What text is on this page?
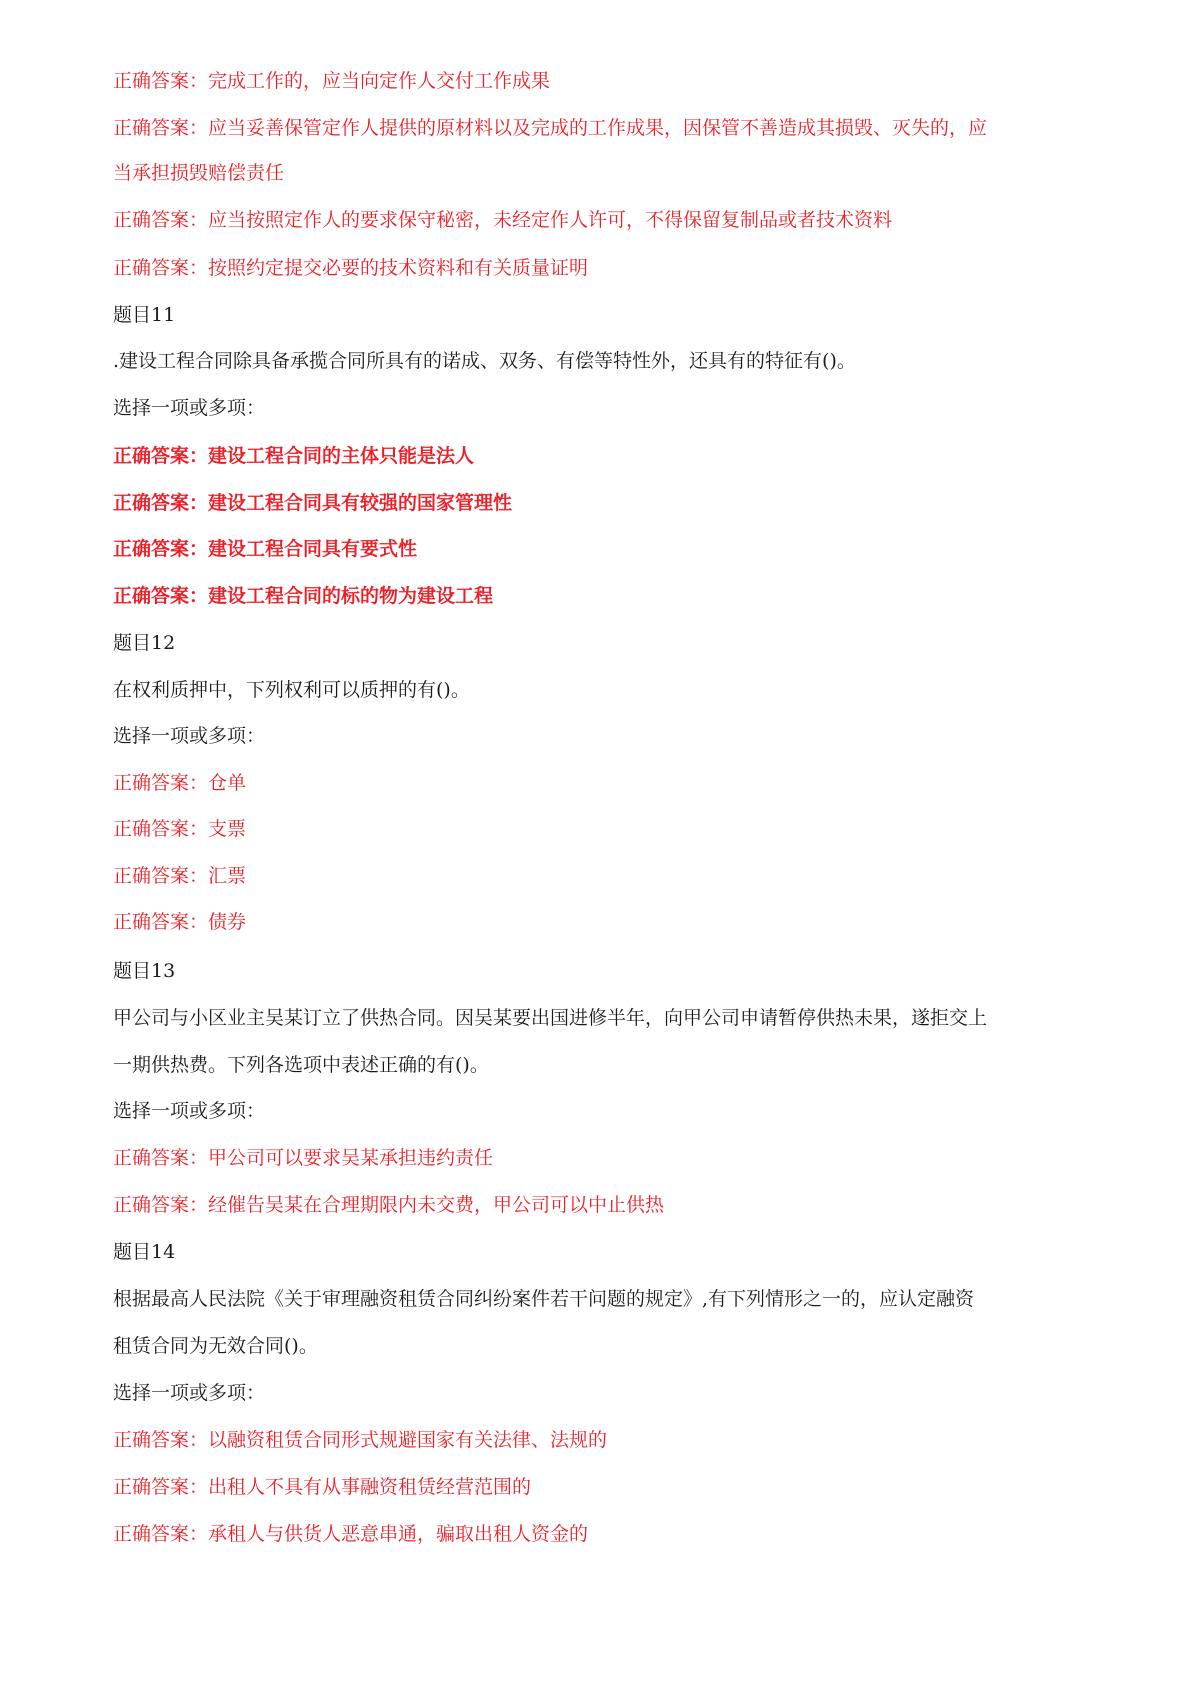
正确答案：完成工作的，应当向定作人交付工作成果
正确答案：应当妥善保管定作人提供的原材料以及完成的工作成果，因保管不善造成其损毁、灭失的，应
当承担损毁赔偿责任
正确答案：应当按照定作人的要求保守秘密，未经定作人许可，不得保留复制品或者技术资料
正确答案：按照约定提交必要的技术资料和有关质量证明
题目11
.建设工程合同除具备承揽合同所具有的诺成、双务、有偿等特性外，还具有的特征有()。
选择一项或多项：
正确答案：建设工程合同的主体只能是法人
正确答案：建设工程合同具有较强的国家管理性
正确答案：建设工程合同具有要式性
正确答案：建设工程合同的标的物为建设工程
题目12
在权利质押中，下列权利可以质押的有()。
选择一项或多项：
正确答案：仓单
正确答案：支票
正确答案：汇票
正确答案：债券
题目13
甲公司与小区业主吴某订立了供热合同。因吴某要出国进修半年，向甲公司申请暂停供热未果，遂拒交上
一期供热费。下列各选项中表述正确的有()。
选择一项或多项：
正确答案：甲公司可以要求吴某承担违约责任
正确答案：经催告吴某在合理期限内未交费，甲公司可以中止供热
题目14
根据最高人民法院《关于审理融资租赁合同纠纷案件若干问题的规定》,有下列情形之一的，应认定融资
租赁合同为无效合同()。
选择一项或多项：
正确答案：以融资租赁合同形式规避国家有关法律、法规的
正确答案：出租人不具有从事融资租赁经营范围的
正确答案：承租人与供货人恶意串通，骗取出租人资金的
